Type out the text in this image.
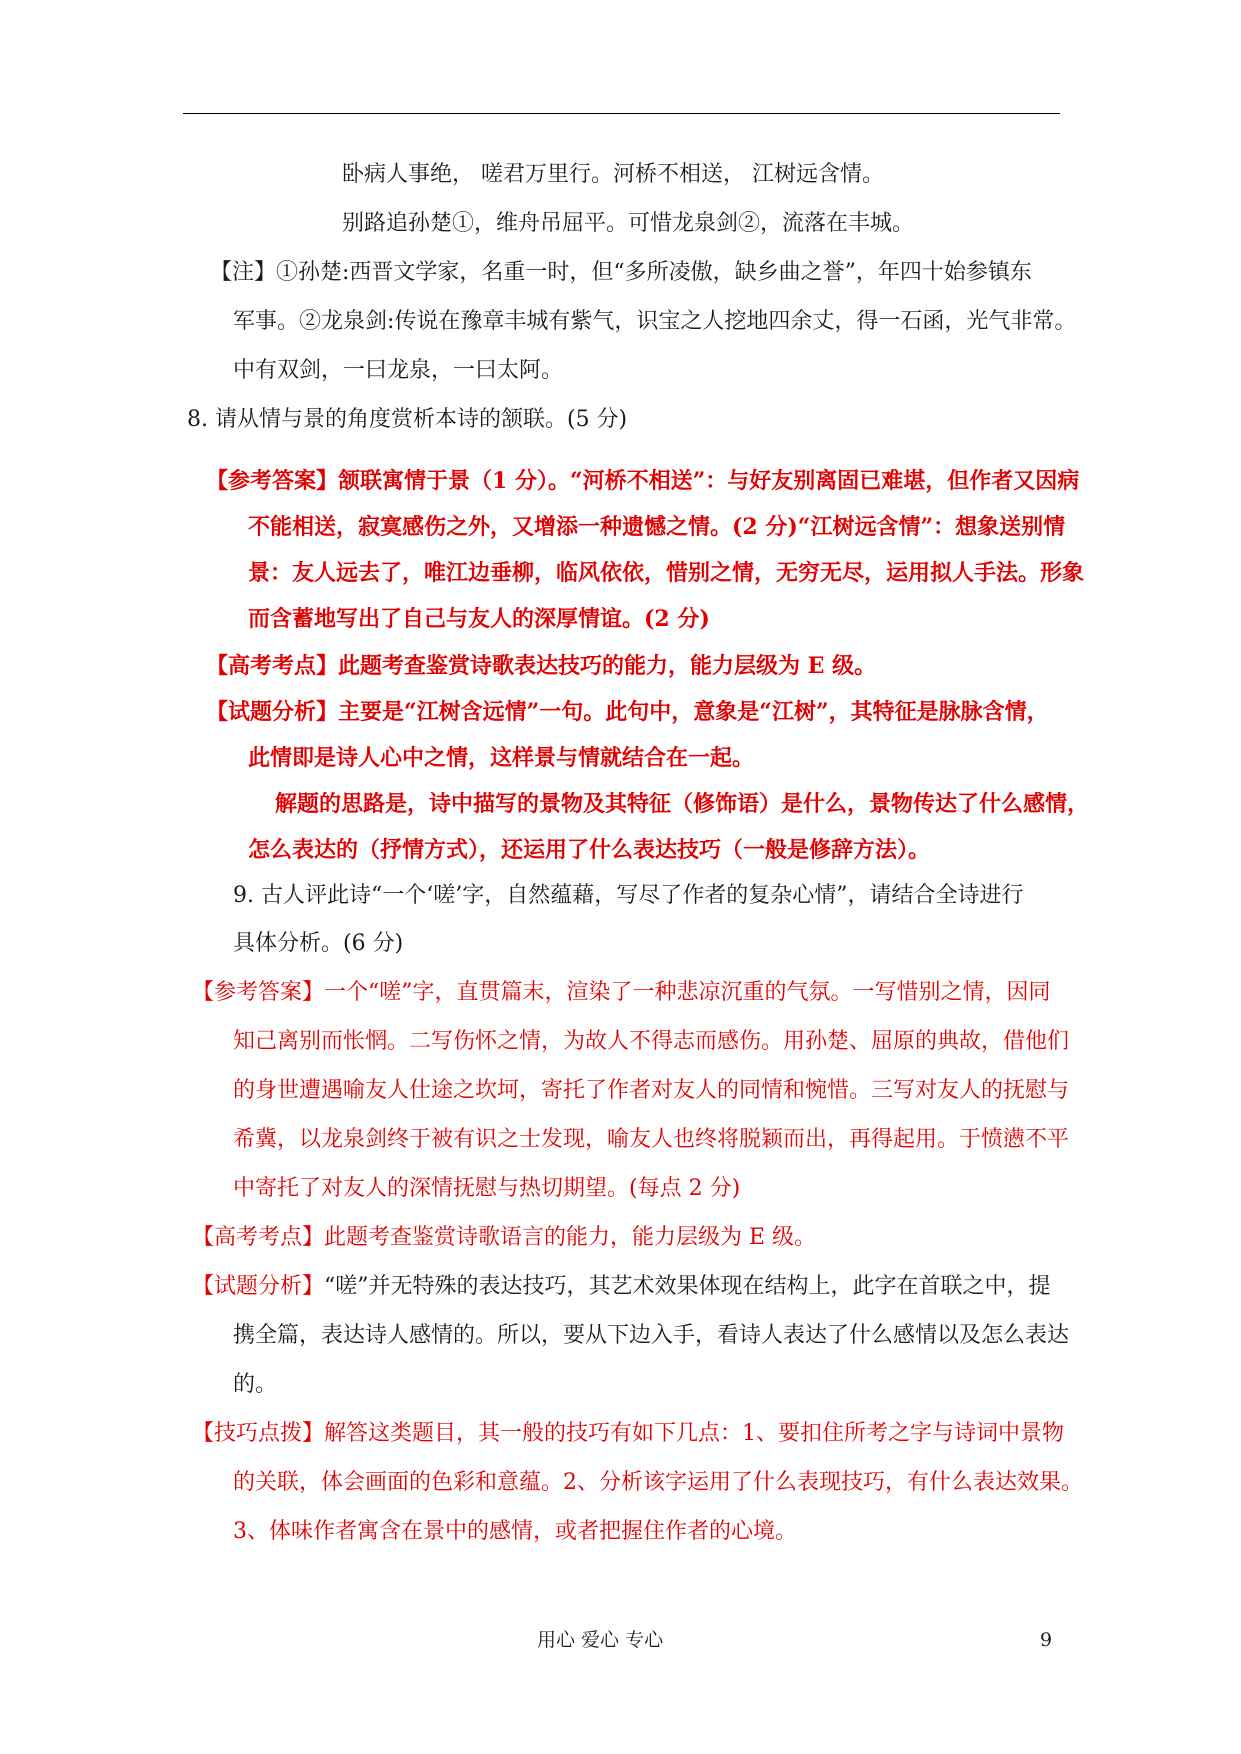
卧病人事绝， 嗟君万里行。河桥不相送， 江树远含情。
别路追孙楚①，维舟吊屈平。可惜龙泉剑②，流落在丰城。
【注】①孙楚:西晋文学家，名重一时，但“多所凌傲，缺乡曲之誉”，年四十始参镇东
军事。②龙泉剑:传说在豫章丰城有紫气，识宝之人挖地四余丈，得一石函，光气非常。
中有双剑，一曰龙泉，一曰太阿。
8. 请从情与景的角度赏析本诗的颔联。(5 分)
【参考答案】颔联寓情于景（1 分）。“河桥不相送”：与好友别离固已难堪，但作者又因病
不能相送，寂寞感伤之外，又增添一种遗憾之情。(2 分)“江树远含情”：想象送别情
景：友人远去了，唯江边垂柳，临风依依，惜别之情，无穷无尽，运用拟人手法。形象
而含蓄地写出了自己与友人的深厚情谊。(2 分)
【高考考点】此题考查鉴赏诗歌表达技巧的能力，能力层级为 E 级。
【试题分析】主要是“江树含远情”一句。此句中，意象是“江树”，其特征是脉脉含情，
此情即是诗人心中之情，这样景与情就结合在一起。
解题的思路是，诗中描写的景物及其特征（修饰语）是什么，景物传达了什么感情，
怎么表达的（抒情方式），还运用了什么表达技巧（一般是修辞方法）。
9. 古人评此诗“一个‘嗟’字，自然蕴藉，写尽了作者的复杂心情”，请结合全诗进行
具体分析。(6 分)
【参考答案】一个“嗟”字，直贯篇末，渲染了一种悲凉沉重的气氛。一写惜别之情，因同
知己离别而怅惘。二写伤怀之情，为故人不得志而感伤。用孙楚、屈原的典故，借他们
的身世遭遇喻友人仕途之坎坷，寄托了作者对友人的同情和惋惜。三写对友人的抚慰与
希冀，以龙泉剑终于被有识之士发现，喻友人也终将脱颖而出，再得起用。于愤懑不平
中寄托了对友人的深情抚慰与热切期望。(每点 2 分)
【高考考点】此题考查鉴赏诗歌语言的能力，能力层级为 E 级。
【试题分析】“嗟”并无特殊的表达技巧，其艺术效果体现在结构上，此字在首联之中，提
携全篇，表达诗人感情的。所以，要从下边入手，看诗人表达了什么感情以及怎么表达
的。
【技巧点拨】解答这类题目，其一般的技巧有如下几点：1、要扣住所考之字与诗词中景物
的关联，体会画面的色彩和意蕴。2、分析该字运用了什么表现技巧，有什么表达效果。
3、体味作者寓含在景中的感情，或者把握住作者的心境。
用心 爱心 专心	9
